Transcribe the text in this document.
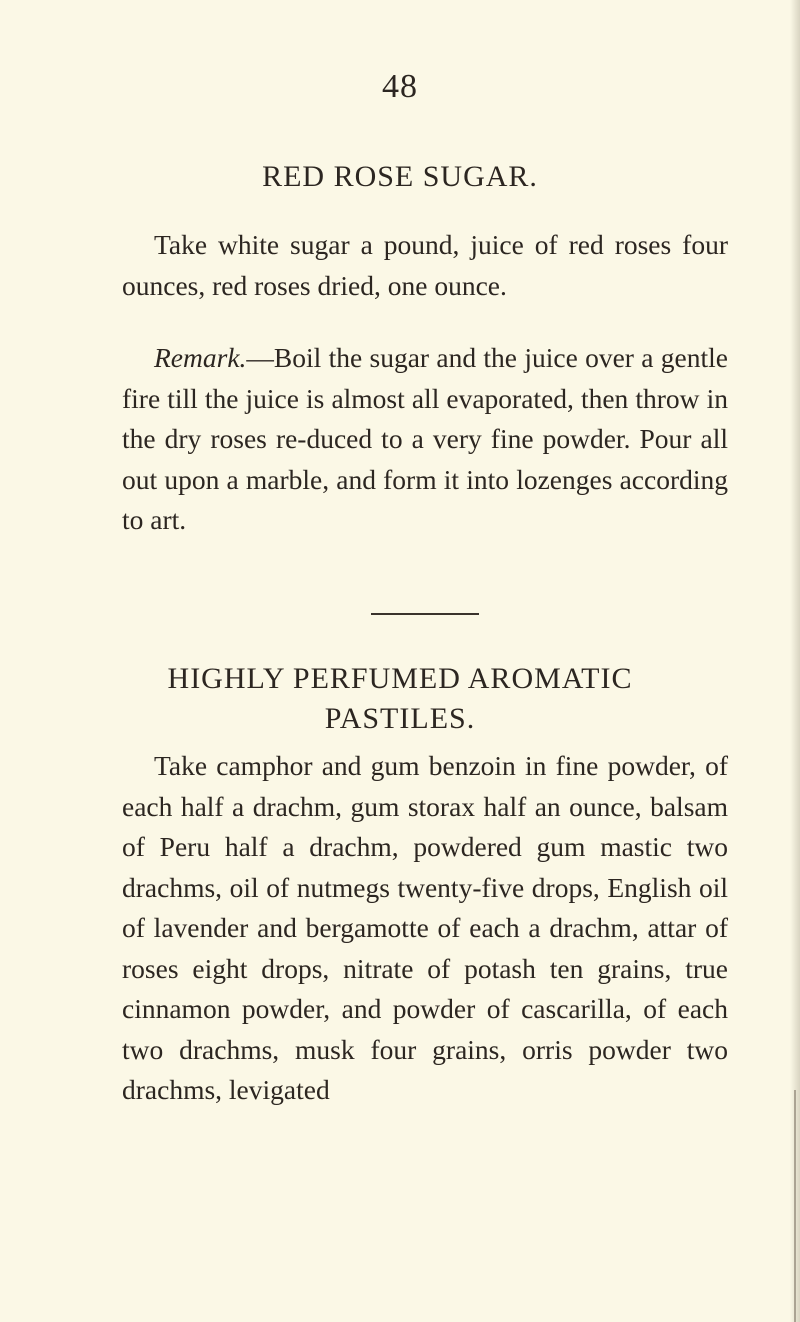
48
RED ROSE SUGAR.

Take white sugar a pound, juice of red roses four ounces, red roses dried, one ounce.

Remark.—Boil the sugar and the juice over a gentle fire till the juice is almost all evaporated, then throw in the dry roses re-duced to a very fine powder. Pour all out upon a marble, and form it into lozenges according to art.

HIGHLY PERFUMED AROMATIC
PASTILES.

Take camphor and gum benzoin in fine powder, of each half a drachm, gum storax half an ounce, balsam of Peru half a drachm, powdered gum mastic two drachms, oil of nutmegs twenty-five drops, English oil of lavender and bergamotte of each a drachm, attar of roses eight drops, nitrate of potash ten grains, true cinnamon powder, and powder of cascarilla, of each two drachms, musk four grains, orris powder two drachms, levigated
